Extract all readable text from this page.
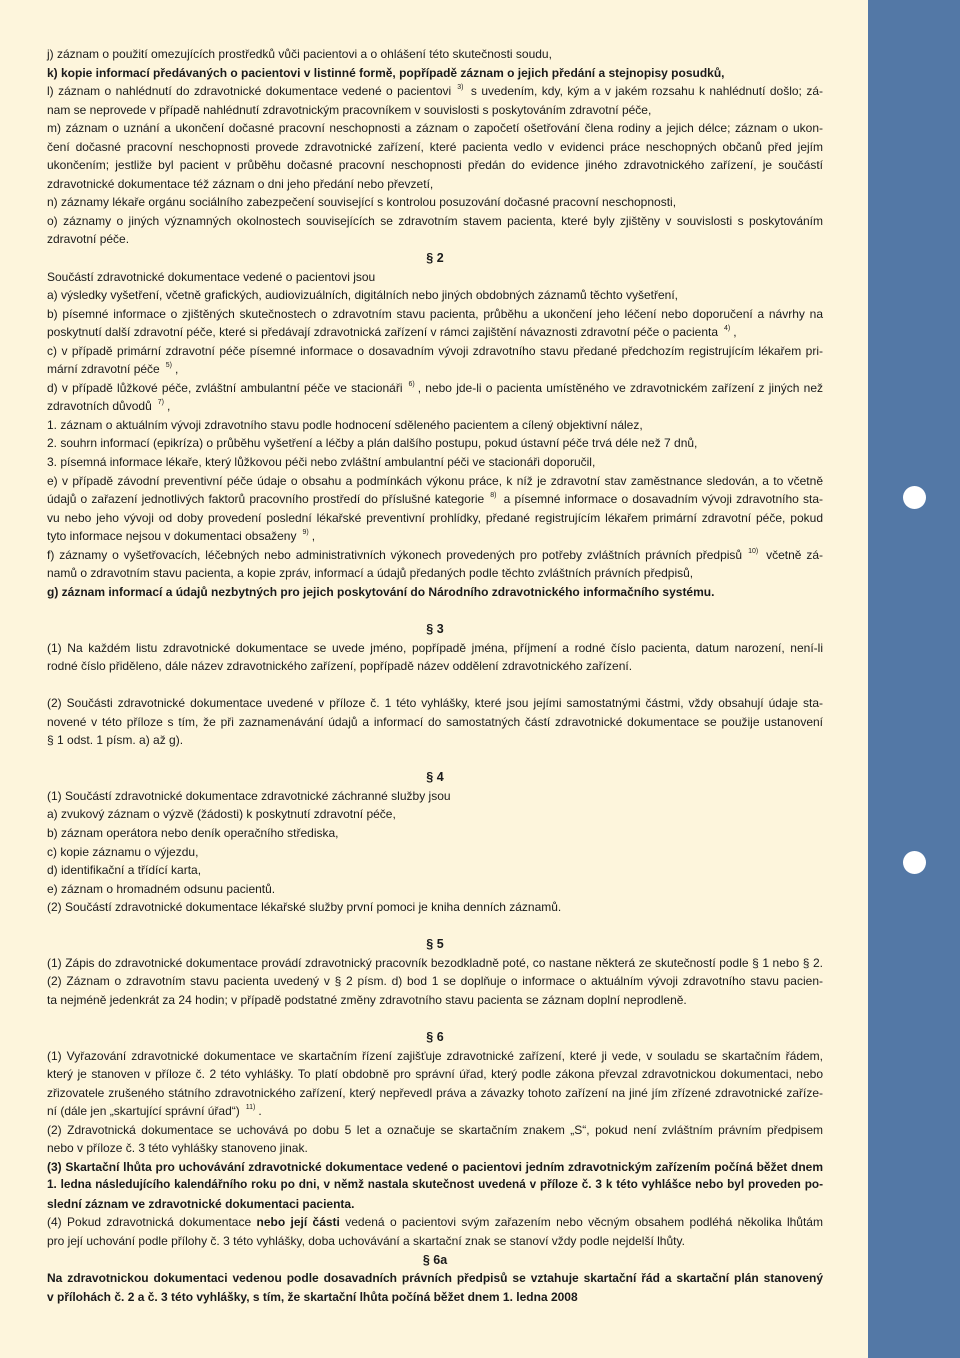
j) záznam o použití omezujících prostředků vůči pacientovi a o ohlášení této skutečnosti soudu,
k) kopie informací předávaných o pacientovi v listinné formě, popřípadě záznam o jejich předání a stejnopisy posudků,
l) záznam o nahlédnutí do zdravotnické dokumentace vedené o pacientovi $^{3)}$ s uvedením, kdy, kým a v jakém rozsahu k nahlédnutí došlo; zá-
nam se neprovede v případě nahlédnutí zdravotnickým pracovníkem v souvislosti s poskytováním zdravotní péče,
m) záznam o uznání a ukončení dočasné pracovní neschopnosti a záznam o započetí ošetřování člena rodiny a jejich délce; záznam o ukon-
čení dočasné pracovní neschopnosti provede zdravotnické zařízení, které pacienta vedlo v evidenci práce neschopných občanů před jejím
ukončením; jestliže byl pacient v průběhu dočasné pracovní neschopnosti předán do evidence jiného zdravotnického zařízení, je součástí
zdravotnické dokumentace též záznam o dni jeho předání nebo převzetí,
n) záznamy lékaře orgánu sociálního zabezpečení související s kontrolou posuzování dočasné pracovní neschopnosti,
o) záznamy o jiných významných okolnostech souvisejících se zdravotním stavem pacienta, které byly zjištěny v souvislosti s poskytováním
zdravotní péče.
§ 2
Součástí zdravotnické dokumentace vedené o pacientovi jsou
a) výsledky vyšetření, včetně grafických, audiovizuálních, digitálních nebo jiných obdobných záznamů těchto vyšetření,
b) písemné informace o zjištěných skutečnostech o zdravotním stavu pacienta, průběhu a ukončení jeho léčení nebo doporučení a návrhy na
poskytnutí další zdravotní péče, které si předávají zdravotnická zařízení v rámci zajištění návaznosti zdravotní péče o pacienta $^{4)}$ ,
c) v případě primární zdravotní péče písemné informace o dosavadním vývoji zdravotního stavu předané předchozím registrujícím lékařem pri-
mární zdravotní péče $^{5)}$ ,
d) v případě lůžkové péče, zvláštní ambulantní péče ve stacionáři $^{6)}$ , nebo jde-li o pacienta umístěného ve zdravotnickém zařízení z jiných než
zdravotních důvodů $^{7)}$ ,
1. záznam o aktuálním vývoji zdravotního stavu podle hodnocení sděleného pacientem a cílený objektivní nález,
2. souhrn informací (epikríza) o průběhu vyšetření a léčby a plán dalšího postupu, pokud ústavní péče trvá déle než 7 dnů,
3. písemná informace lékaře, který lůžkovou péči nebo zvláštní ambulantní péči ve stacionáři doporučil,
e) v případě závodní preventivní péče údaje o obsahu a podmínkách výkonu práce, k níž je zdravotní stav zaměstnance sledován, a to včetně
údajů o zařazení jednotlivých faktorů pracovního prostředí do příslušné kategorie $^{8)}$ a písemné informace o dosavadním vývoji zdravotního sta-
vu nebo jeho vývoji od doby provedení poslední lékařské preventivní prohlídky, předané registrujícím lékařem primární zdravotní péče, pokud
tyto informace nejsou v dokumentaci obsaženy $^{9)}$ ,
f) záznamy o vyšetřovacích, léčebných nebo administrativních výkonech provedených pro potřeby zvláštních právních předpisů $^{10)}$ včetně zá-
namů o zdravotním stavu pacienta, a kopie zpráv, informací a údajů předaných podle těchto zvláštních právních předpisů,
g) záznam informací a údajů nezbytných pro jejich poskytování do Národního zdravotnického informačního systému.
§ 3
(1) Na každém listu zdravotnické dokumentace se uvede jméno, popřípadě jména, příjmení a rodné číslo pacienta, datum narození, není-li
rodné číslo přiděleno, dále název zdravotnického zařízení, popřípadě název oddělení zdravotnického zařízení.
(2) Součásti zdravotnické dokumentace uvedené v příloze č. 1 této vyhlášky, které jsou jejími samostatnými částmi, vždy obsahují údaje sta-
novené v této příloze s tím, že při zaznamenávání údajů a informací do samostatných částí zdravotnické dokumentace se použije ustanovení
§ 1 odst. 1 písm. a) až g).
§ 4
(1) Součástí zdravotnické dokumentace zdravotnické záchranné služby jsou
a) zvukový záznam o výzvě (žádosti) k poskytnutí zdravotní péče,
b) záznam operátora nebo deník operačního střediska,
c) kopie záznamu o výjezdu,
d) identifikační a třídící karta,
e) záznam o hromadném odsunu pacientů.
(2) Součástí zdravotnické dokumentace lékařské služby první pomoci je kniha denních záznamů.
§ 5
(1) Zápis do zdravotnické dokumentace provádí zdravotnický pracovník bezodkladně poté, co nastane některá ze skutečností podle § 1 nebo § 2.
(2) Záznam o zdravotním stavu pacienta uvedený v § 2 písm. d) bod 1 se doplňuje o informace o aktuálním vývoji zdravotního stavu pacien-
ta nejméně jedenkrát za 24 hodin; v případě podstatné změny zdravotního stavu pacienta se záznam doplní neprodleně.
§ 6
(1) Vyřazování zdravotnické dokumentace ve skartačním řízení zajišťuje zdravotnické zařízení, které ji vede, v souladu se skartačním řádem,
který je stanoven v příloze č. 2 této vyhlášky. To platí obdobně pro správní úřad, který podle zákona převzal zdravotnickou dokumentaci, nebo
zřizovatele zrušeného státního zdravotnického zařízení, který nepřevedl práva a závazky tohoto zařízení na jiné jím zřízené zdravotnické zaříze-
ní (dále jen „skartující správní úřad“) $^{11)}$ .
(2) Zdravotnická dokumentace se uchovává po dobu 5 let a označuje se skartačním znakem „S“, pokud není zvláštním právním předpisem
nebo v příloze č. 3 této vyhlášky stanoveno jinak.
(3) Skartační lhůta pro uchovávání zdravotnické dokumentace vedené o pacientovi jedním zdravotnickým zařízením počíná běžet dnem
1. ledna následujícího kalendářního roku po dni, v němž nastala skutečnost uvedená v příloze č. 3 k této vyhlášce nebo byl proveden po-
slední záznam ve zdravotnické dokumentaci pacienta.
(4) Pokud zdravotnická dokumentace nebo její části vedená o pacientovi svým zařazením nebo věcným obsahem podléhá několika lhůtám
pro její uchování podle přílohy č. 3 této vyhlášky, doba uchovávání a skartační znak se stanoví vždy podle nejdelší lhůty.
§ 6a
Na zdravotnickou dokumentaci vedenou podle dosavadních právních předpisů se vztahuje skartační řád a skartační plán stanovený
v přílohách č. 2 a č. 3 této vyhlášky, s tím, že skartační lhůta počíná běžet dnem 1. ledna 2008
